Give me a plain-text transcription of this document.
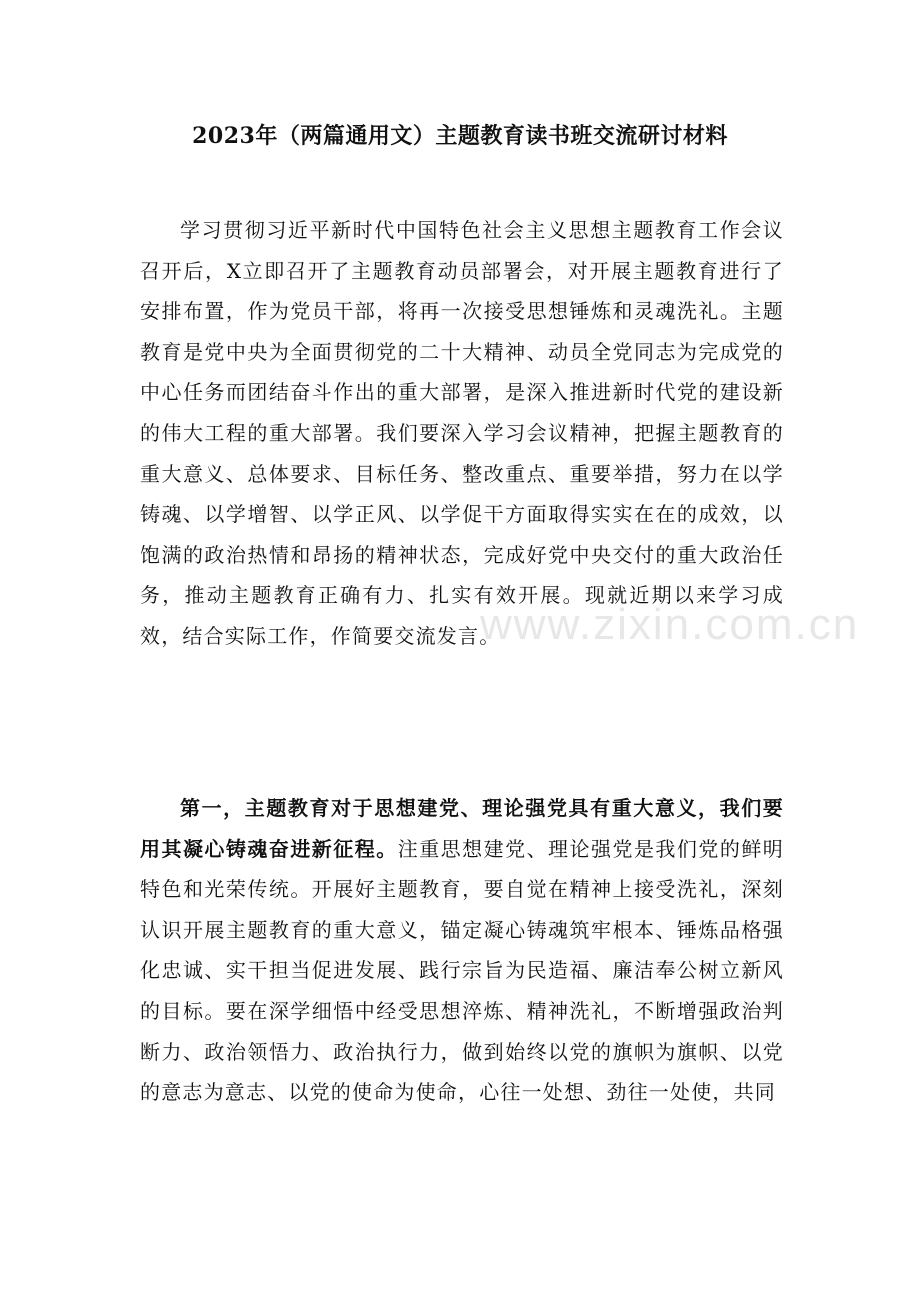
2023年（两篇通用文）主题教育读书班交流研讨材料

学习贯彻习近平新时代中国特色社会主义思想主题教育工作会议召开后，X立即召开了主题教育动员部署会，对开展主题教育进行了安排布置，作为党员干部，将再一次接受思想锤炼和灵魂洗礼。主题教育是党中央为全面贯彻党的二十大精神、动员全党同志为完成党的中心任务而团结奋斗作出的重大部署，是深入推进新时代党的建设新的伟大工程的重大部署。我们要深入学习会议精神，把握主题教育的重大意义、总体要求、目标任务、整改重点、重要举措，努力在以学铸魂、以学增智、以学正风、以学促干方面取得实实在在的成效，以饱满的政治热情和昂扬的精神状态，完成好党中央交付的重大政治任务，推动主题教育正确有力、扎实有效开展。现就近期以来学习成效，结合实际工作，作简要交流发言。

第一，主题教育对于思想建党、理论强党具有重大意义，我们要用其凝心铸魂奋进新征程。注重思想建党、理论强党是我们党的鲜明特色和光荣传统。开展好主题教育，要自觉在精神上接受洗礼，深刻认识开展主题教育的重大意义，锚定凝心铸魂筑牢根本、锤炼品格强化忠诚、实干担当促进发展、践行宗旨为民造福、廉洁奉公树立新风的目标。要在深学细悟中经受思想淬炼、精神洗礼，不断增强政治判断力、政治领悟力、政治执行力，做到始终以党的旗帜为旗帜、以党的意志为意志、以党的使命为使命，心往一处想、劲往一处使，共同

www.zixin.com.cn
